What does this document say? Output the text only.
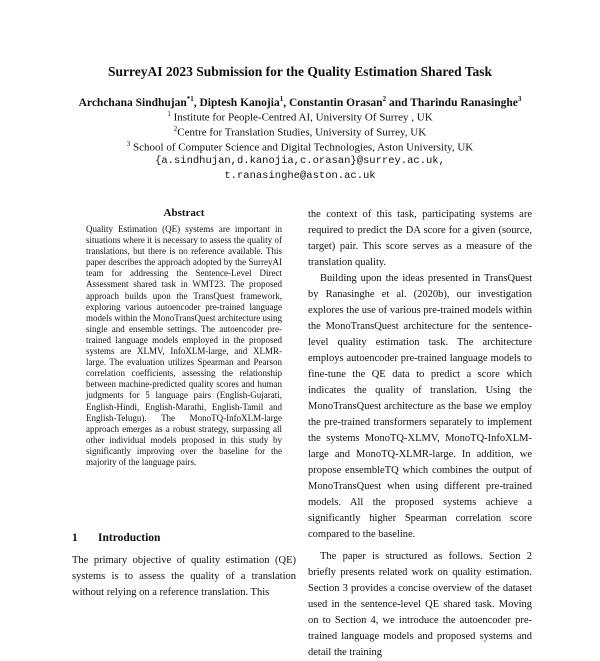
SurreyAI 2023 Submission for the Quality Estimation Shared Task
Archchana Sindhujan$^{*1}$, Diptesh Kanojia$^1$, Constantin Orasan$^2$ and Tharindu Ranasinghe$^3$
$^1$ Institute for People-Centred AI, University Of Surrey , UK
$^2$Centre for Translation Studies, University of Surrey, UK
$^3$ School of Computer Science and Digital Technologies, Aston University, UK
{a.sindhujan,d.kanojia,c.orasan}@surrey.ac.uk,
t.ranasinghe@aston.ac.uk
Abstract
Quality Estimation (QE) systems are important in situations where it is necessary to assess the quality of translations, but there is no reference available. This paper describes the approach adopted by the SurreyAI team for addressing the Sentence-Level Direct Assessment shared task in WMT23. The proposed approach builds upon the TransQuest framework, exploring various autoencoder pre-trained language models within the MonoTransQuest architecture using single and ensemble settings. The autoencoder pre-trained language models employed in the proposed systems are XLMV, InfoXLM-large, and XLMR-large. The evaluation utilizes Spearman and Pearson correlation coefficients, assessing the relationship between machine-predicted quality scores and human judgments for 5 language pairs (English-Gujarati, English-Hindi, English-Marathi, English-Tamil and English-Telugu). The MonoTQ-InfoXLM-large approach emerges as a robust strategy, surpassing all other individual models proposed in this study by significantly improving over the baseline for the majority of the language pairs.
1 Introduction
The primary objective of quality estimation (QE) systems is to assess the quality of a translation without relying on a reference translation. This

the context of this task, participating systems are required to predict the DA score for a given (source, target) pair. This score serves as a measure of the translation quality.

Building upon the ideas presented in TransQuest by Ranasinghe et al. (2020b), our investigation explores the use of various pre-trained models within the MonoTransQuest architecture for the sentence-level quality estimation task. The architecture employs autoencoder pre-trained language models to fine-tune the QE data to predict a score which indicates the quality of translation. Using the MonoTransQuest architecture as the base we employ the pre-trained transformers separately to implement the systems MonoTQ-XLMV, MonoTQ-InfoXLM-large and MonoTQ-XLMR-large. In addition, we propose ensembleTQ which combines the output of MonoTransQuest when using different pre-trained models. All the proposed systems achieve a significantly higher Spearman correlation score compared to the baseline.

The paper is structured as follows. Section 2 briefly presents related work on quality estimation. Section 3 provides a concise overview of the dataset used in the sentence-level QE shared task. Moving on to Section 4, we introduce the autoencoder pre-trained language models and proposed systems and detail the training
